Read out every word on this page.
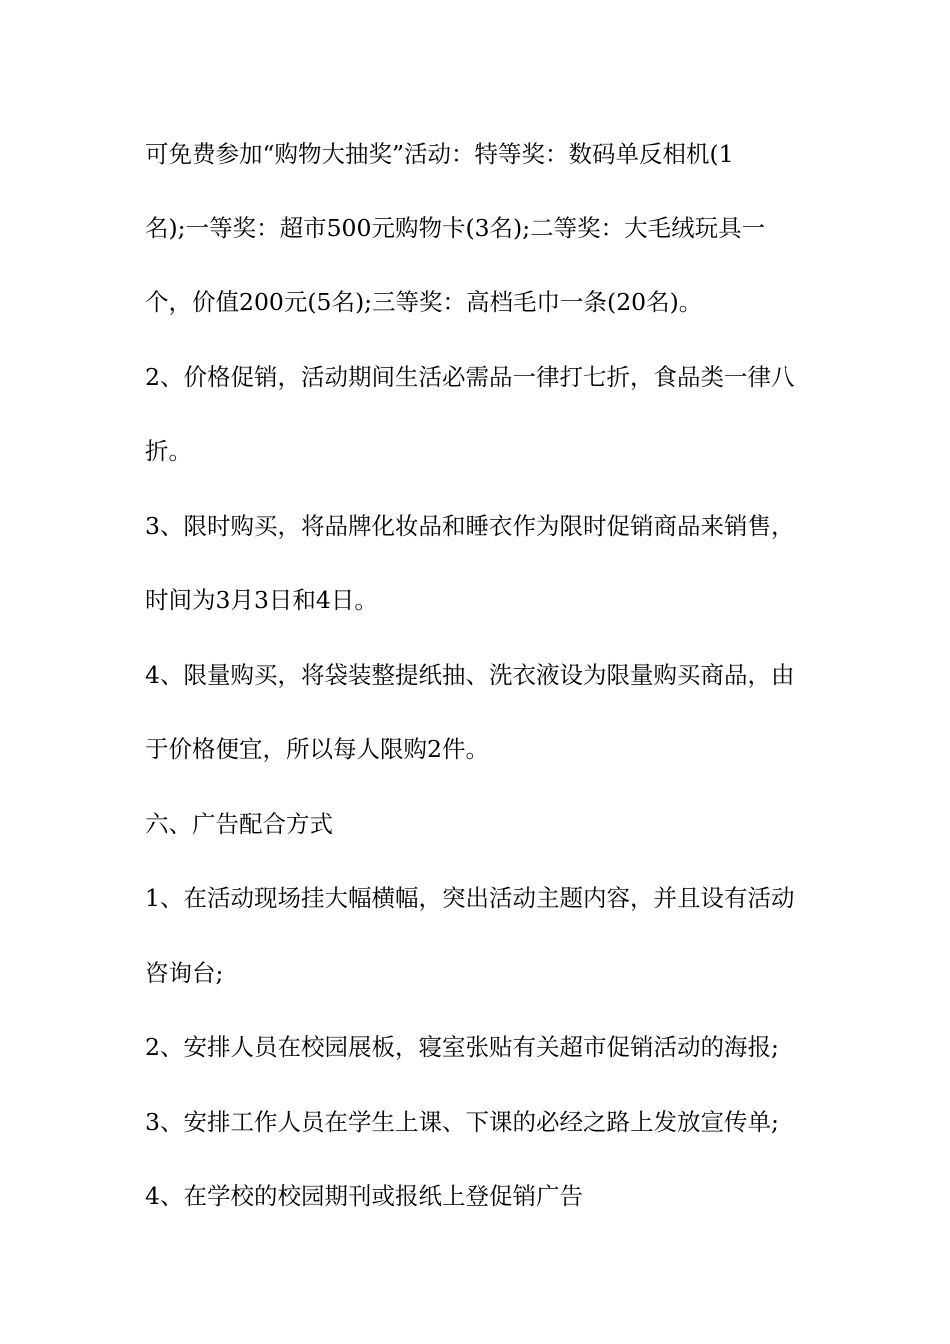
可免费参加“购物大抽奖”活动：特等奖：数码单反相机(1
名);一等奖：超市500元购物卡(3名);二等奖：大毛绒玩具一
个，价值200元(5名);三等奖：高档毛巾一条(20名)。
2、价格促销，活动期间生活必需品一律打七折，食品类一律八
折。
3、限时购买，将品牌化妆品和睡衣作为限时促销商品来销售，
时间为3月3日和4日。
4、限量购买，将袋装整提纸抽、洗衣液设为限量购买商品，由
于价格便宜，所以每人限购2件。
六、广告配合方式
1、在活动现场挂大幅横幅，突出活动主题内容，并且设有活动
咨询台;
2、安排人员在校园展板，寝室张贴有关超市促销活动的海报;
3、安排工作人员在学生上课、下课的必经之路上发放宣传单;
4、在学校的校园期刊或报纸上登促销广告
